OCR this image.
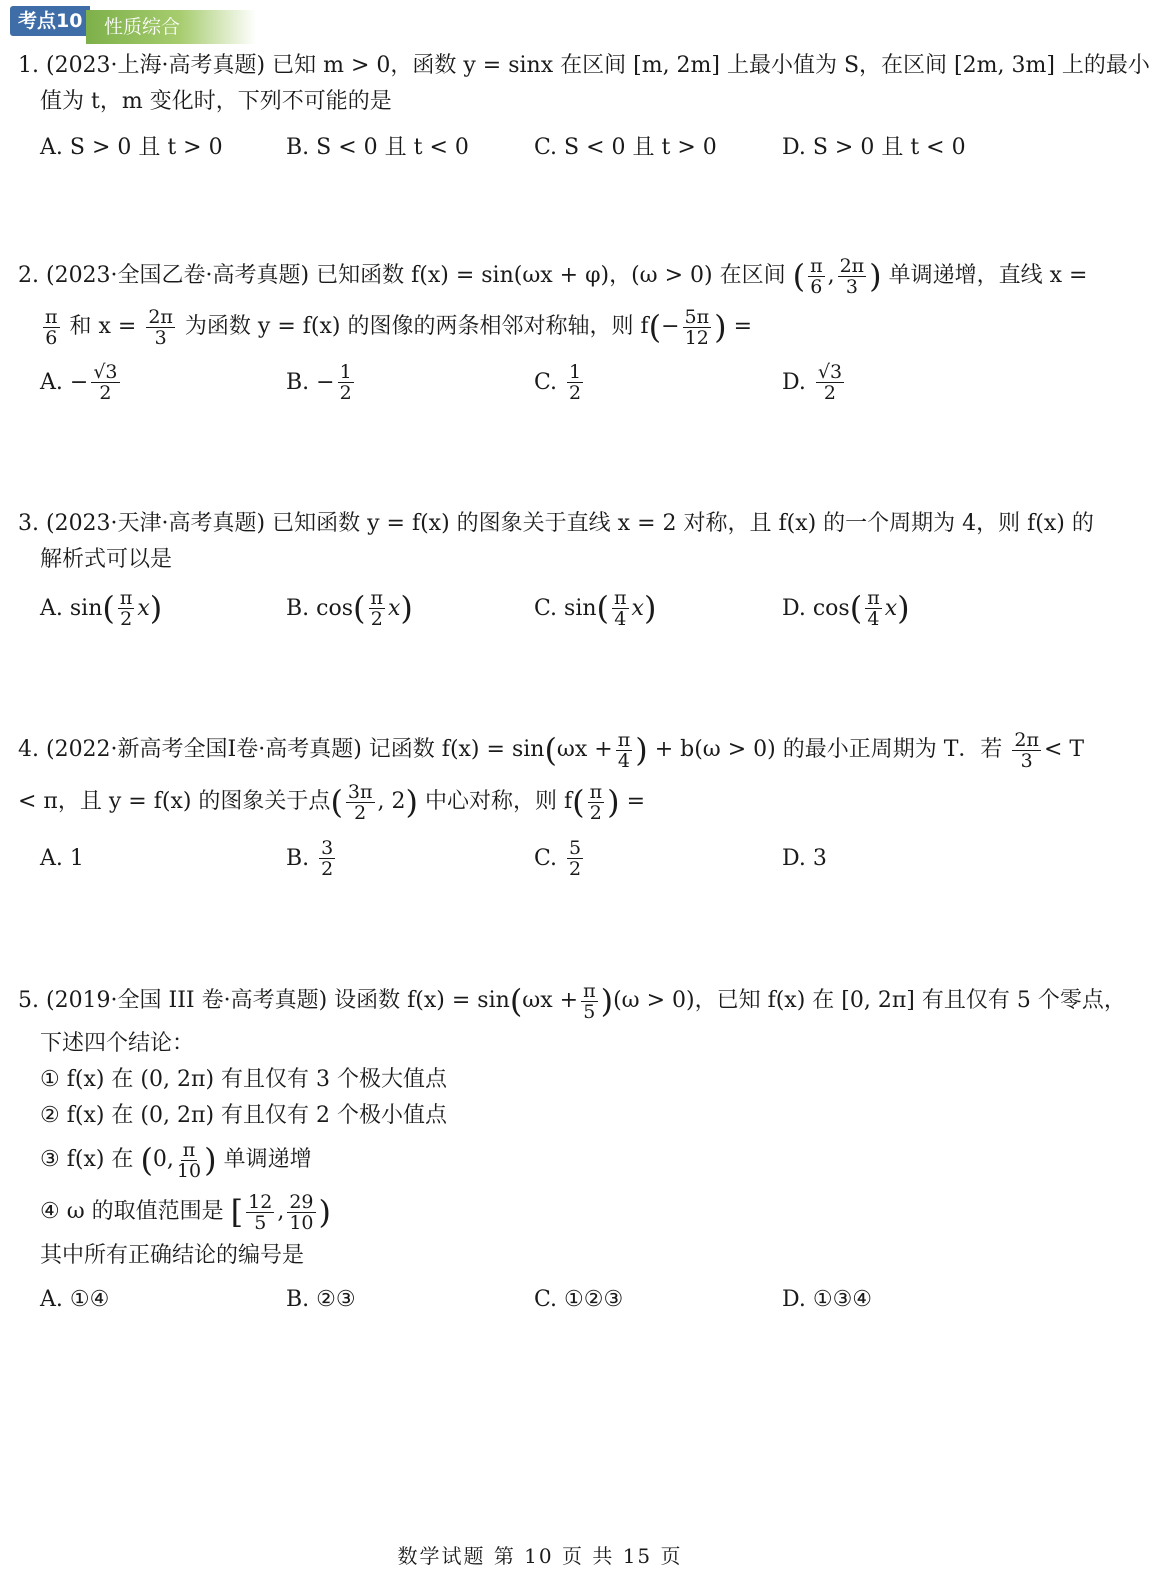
考点10	性质综合
1. (2023·上海·高考真题) 已知 m > 0，函数 y = sinx 在区间 [m, 2m] 上最小值为 S，在区间 [2m, 3m] 上的最小
值为 t，m 变化时，下列不可能的是
A. S > 0 且 t > 0	B. S < 0 且 t < 0	C. S < 0 且 t > 0	D. S > 0 且 t < 0
2. (2023·全国乙卷·高考真题) 已知函数 f(x) = sin(ωx + φ)，(ω > 0) 在区间 ( $\frac{\pi}{6}$ , $\frac{2\pi}{3}$ ) 单调递增，直线 x =
$\frac{\pi}{6}$ 和 $x = \frac{2\pi}{3}$ 为函数 y = f(x) 的图像的两条相邻对称轴，则 $f(- \frac{5\pi}{12}$ ) =
A.
− $\frac{√3}{2}$	B.
− $\frac{1}{2}$	C.
$\frac{1}{2}$	D.
$\frac{√3}{2}$
3. (2023·天津·高考真题) 已知函数 y = f(x) 的图象关于直线 x = 2 对称，且 f(x) 的一个周期为 4，则 f(x) 的
解析式可以是
A. sin ( $\frac{\pi}{2}$ x )	B. cos ( $\frac{\pi}{2}$ x )	C. sin ( $\frac{\pi}{4}$ x )	D. cos ( $\frac{\pi}{4}$ x )
4. (2022·新高考全国I卷·高考真题) 记函数 $f(x) = \sin(\omega x + \frac{\pi}{4}$ ) + b(ω > 0) 的最小正周期为 T．若 $\frac{2\pi}{3} < T$
< π，且 y = f(x) 的图象关于点( $\frac{3\pi}{2}$ , 2) 中心对称，则 $f( \frac{\pi}{2}$ ) =
A. 1	B.
$\frac{3}{2}$	C.
$\frac{5}{2}$	D. 3
5. (2019·全国 III 卷·高考真题) 设函数 $f(x) = \sin(\omega x + \frac{\pi}{5} )(\omega > 0)$，已知 f(x) 在 [0, 2π] 有且仅有 5 个零点，
下述四个结论：
① f(x) 在 (0, 2π) 有且仅有 3 个极大值点
② f(x) 在 (0, 2π) 有且仅有 2 个极小值点
③ f(x) 在 (0, $\frac{\pi}{10}$ ) 单调递增
④ ω 的取值范围是 [ $\frac{12}{5}$ , $\frac{29}{10}$ )
其中所有正确结论的编号是
A. ①④	B. ②③	C. ①②③	D. ①③④
数学试题 第 10 页 共 15 页
